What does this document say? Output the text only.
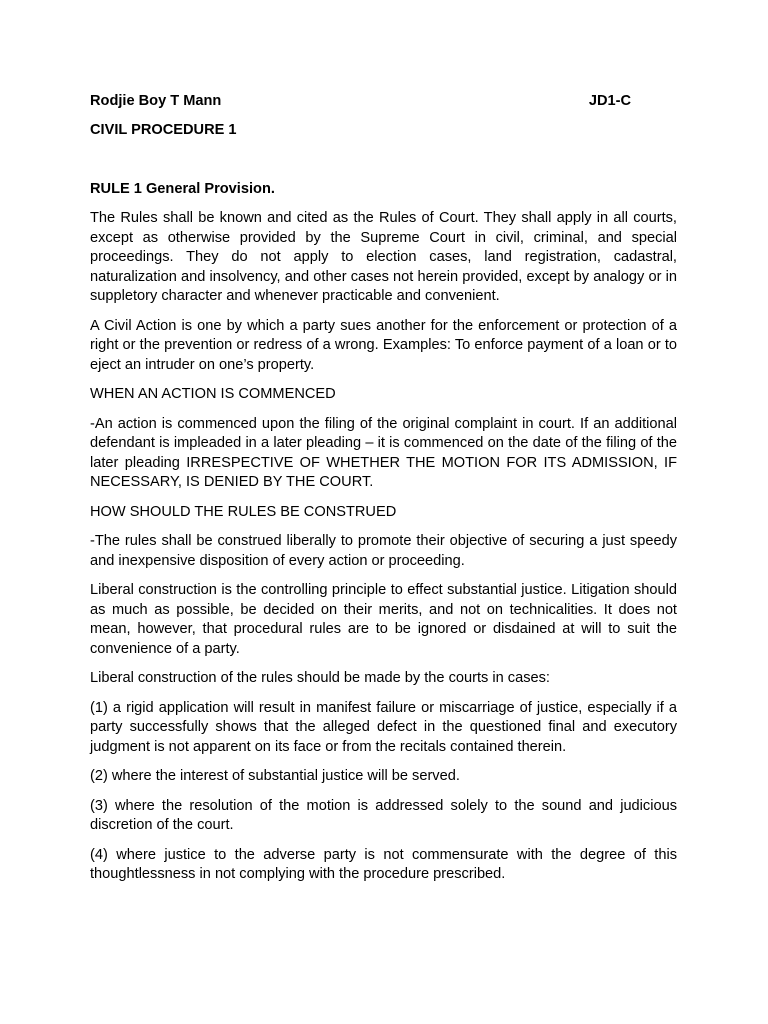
Rodjie Boy T Mann	JD1-C
CIVIL PROCEDURE 1
RULE 1 General Provision.

The Rules shall be known and cited as the Rules of Court. They shall apply in all courts, except as otherwise provided by the Supreme Court in civil, criminal, and special proceedings. They do not apply to election cases, land registration, cadastral, naturalization and insolvency, and other cases not herein provided, except by analogy or in suppletory character and whenever practicable and convenient.

A Civil Action is one by which a party sues another for the enforcement or protection of a right or the prevention or redress of a wrong. Examples: To enforce payment of a loan or to eject an intruder on one’s property.

WHEN AN ACTION IS COMMENCED

-An action is commenced upon the filing of the original complaint in court. If an additional defendant is impleaded in a later pleading – it is commenced on the date of the filing of the later pleading IRRESPECTIVE OF WHETHER THE MOTION FOR ITS ADMISSION, IF NECESSARY, IS DENIED BY THE COURT.

HOW SHOULD THE RULES BE CONSTRUED

-The rules shall be construed liberally to promote their objective of securing a just speedy and inexpensive disposition of every action or proceeding.

Liberal construction is the controlling principle to effect substantial justice. Litigation should as much as possible, be decided on their merits, and not on technicalities. It does not mean, however, that procedural rules are to be ignored or disdained at will to suit the convenience of a party.

Liberal construction of the rules should be made by the courts in cases:

(1) a rigid application will result in manifest failure or miscarriage of justice, especially if a party successfully shows that the alleged defect in the questioned final and executory judgment is not apparent on its face or from the recitals contained therein.

(2) where the interest of substantial justice will be served.

(3) where the resolution of the motion is addressed solely to the sound and judicious discretion of the court.

(4) where justice to the adverse party is not commensurate with the degree of this thoughtlessness in not complying with the procedure prescribed.
